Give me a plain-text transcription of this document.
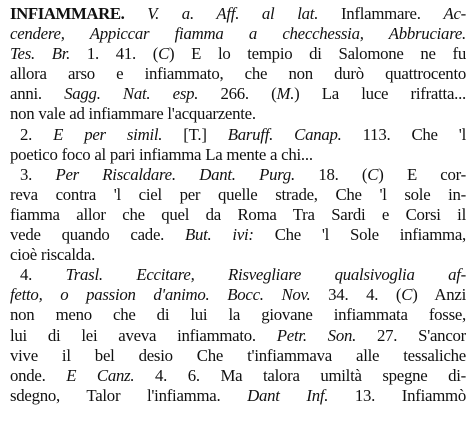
INFIAMMARE. V. a. Aff. al lat. Inflammare. Ac-
cendere, Appiccar fiamma a checchessia, Abbruciare.
Tes. Br. 1. 41. (C) E lo tempio di Salomone ne fu
allora arso e infiammato, che non durò quattrocento
anni. Sagg. Nat. esp. 266. (M.) La luce rifratta...
non vale ad infiammare l'acquarzente.
2. E per simil. [T.] Baruff. Canap. 113. Che 'l
poetico foco al pari infiamma La mente a chi...
3. Per Riscaldare. Dant. Purg. 18. (C) E cor-
reva contra 'l ciel per quelle strade, Che 'l sole in-
fiamma allor che quel da Roma Tra Sardi e Corsi il
vede quando cade. But. ivi: Che 'l Sole infiamma,
cioè riscalda.
4. Trasl. Eccitare, Risvegliare qualsivoglia af-
fetto, o passion d'animo. Bocc. Nov. 34. 4. (C) Anzi
non meno che di lui la giovane infiammata fosse,
lui di lei aveva infiammato. Petr. Son. 27. S'ancor
vive il bel desio Che t'infiammava alle tessaliche
onde. E Canz. 4. 6. Ma talora umiltà spegne di-
sdegno, Talor l'infiamma. Dant Inf. 13. Infiammò
